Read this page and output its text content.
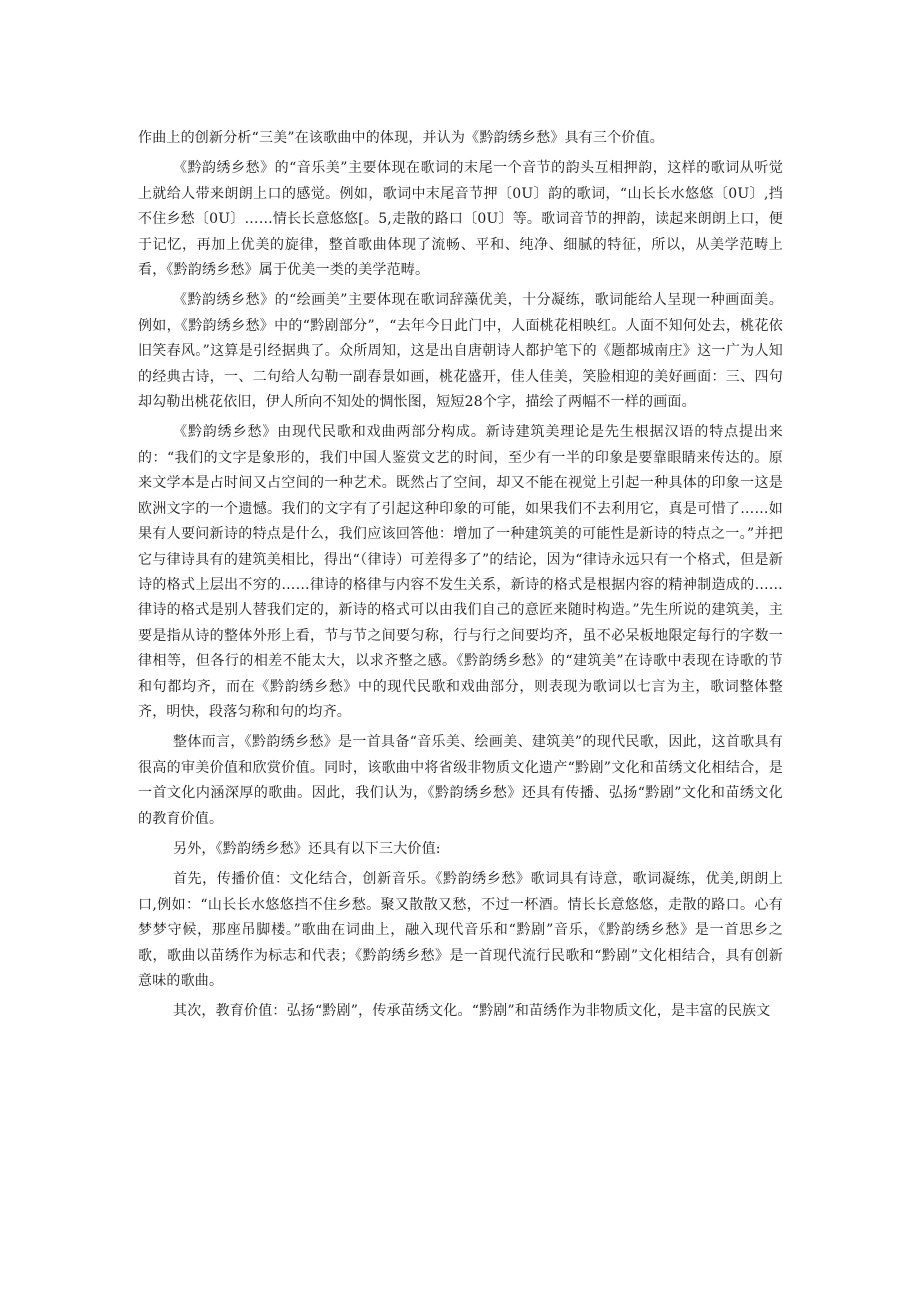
作曲上的创新分析“三美”在该歌曲中的体现，并认为《黔韵绣乡愁》具有三个价值。

《黔韵绣乡愁》的“音乐美”主要体现在歌词的末尾一个音节的韵头互相押韵，这样的歌词从听觉上就给人带来朗朗上口的感觉。例如，歌词中末尾音节押〔0U〕韵的歌词，“山长长水悠悠〔0U〕,挡不住乡愁〔0U〕……情长长意悠悠[。5,走散的路口〔0U〕等。歌词音节的押韵，读起来朗朗上口，便于记忆，再加上优美的旋律，整首歌曲体现了流畅、平和、纯净、细腻的特征，所以，从美学范畴上看，《黔韵绣乡愁》属于优美一类的美学范畴。

《黔韵绣乡愁》的“绘画美”主要体现在歌词辞藻优美，十分凝练，歌词能给人呈现一种画面美。例如，《黔韵绣乡愁》中的“黔剧部分”，“去年今日此门中，人面桃花相映红。人面不知何处去，桃花依旧笑春风。”这算是引经据典了。众所周知，这是出自唐朝诗人都护笔下的《题都城南庄》这一广为人知的经典古诗，一、二句给人勾勒一副春景如画，桃花盛开，佳人佳美，笑脸相迎的美好画面：三、四句却勾勒出桃花依旧，伊人所向不知处的惆怅图，短短28个字，描绘了两幅不一样的画面。

《黔韵绣乡愁》由现代民歌和戏曲两部分构成。新诗建筑美理论是先生根据汉语的特点提出来的：“我们的文字是象形的，我们中国人鉴赏文艺的时间，至少有一半的印象是要靠眼睛来传达的。原来文学本是占时间又占空间的一种艺术。既然占了空间，却又不能在视觉上引起一种具体的印象一这是欧洲文字的一个遗憾。我们的文字有了引起这种印象的可能，如果我们不去利用它，真是可惜了……如果有人要问新诗的特点是什么，我们应该回答他：增加了一种建筑美的可能性是新诗的特点之一。”并把它与律诗具有的建筑美相比，得出“（律诗）可差得多了”的结论，因为“律诗永远只有一个格式，但是新诗的格式上层出不穷的……律诗的格律与内容不发生关系，新诗的格式是根据内容的精神制造成的……律诗的格式是别人替我们定的，新诗的格式可以由我们自己的意匠来随时构造。”先生所说的建筑美，主要是指从诗的整体外形上看，节与节之间要匀称，行与行之间要均齐，虽不必呆板地限定每行的字数一律相等，但各行的相差不能太大，以求齐整之感。《黔韵绣乡愁》的“建筑美”在诗歌中表现在诗歌的节和句都均齐，而在《黔韵绣乡愁》中的现代民歌和戏曲部分，则表现为歌词以七言为主，歌词整体整齐，明快，段落匀称和句的均齐。

整体而言，《黔韵绣乡愁》是一首具备“音乐美、绘画美、建筑美”的现代民歌，因此，这首歌具有很高的审美价值和欣赏价值。同时，该歌曲中将省级非物质文化遗产“黔剧”文化和苗绣文化相结合，是一首文化内涵深厚的歌曲。因此，我们认为，《黔韵绣乡愁》还具有传播、弘扬“黔剧”文化和苗绣文化的教育价值。

另外，《黔韵绣乡愁》还具有以下三大价值:

首先，传播价值：文化结合，创新音乐。《黔韵绣乡愁》歌词具有诗意，歌词凝练，优美,朗朗上口,例如：“山长长水悠悠挡不住乡愁。聚又散散又愁，不过一杯酒。情长长意悠悠，走散的路口。心有梦梦守候，那座吊脚楼。”歌曲在词曲上，融入现代音乐和“黔剧”音乐，《黔韵绣乡愁》是一首思乡之歌，歌曲以苗绣作为标志和代表；《黔韵绣乡愁》是一首现代流行民歌和“黔剧”文化相结合，具有创新意味的歌曲。

其次，教育价值：弘扬“黔剧”，传承苗绣文化。“黔剧”和苗绣作为非物质文化，是丰富的民族文
